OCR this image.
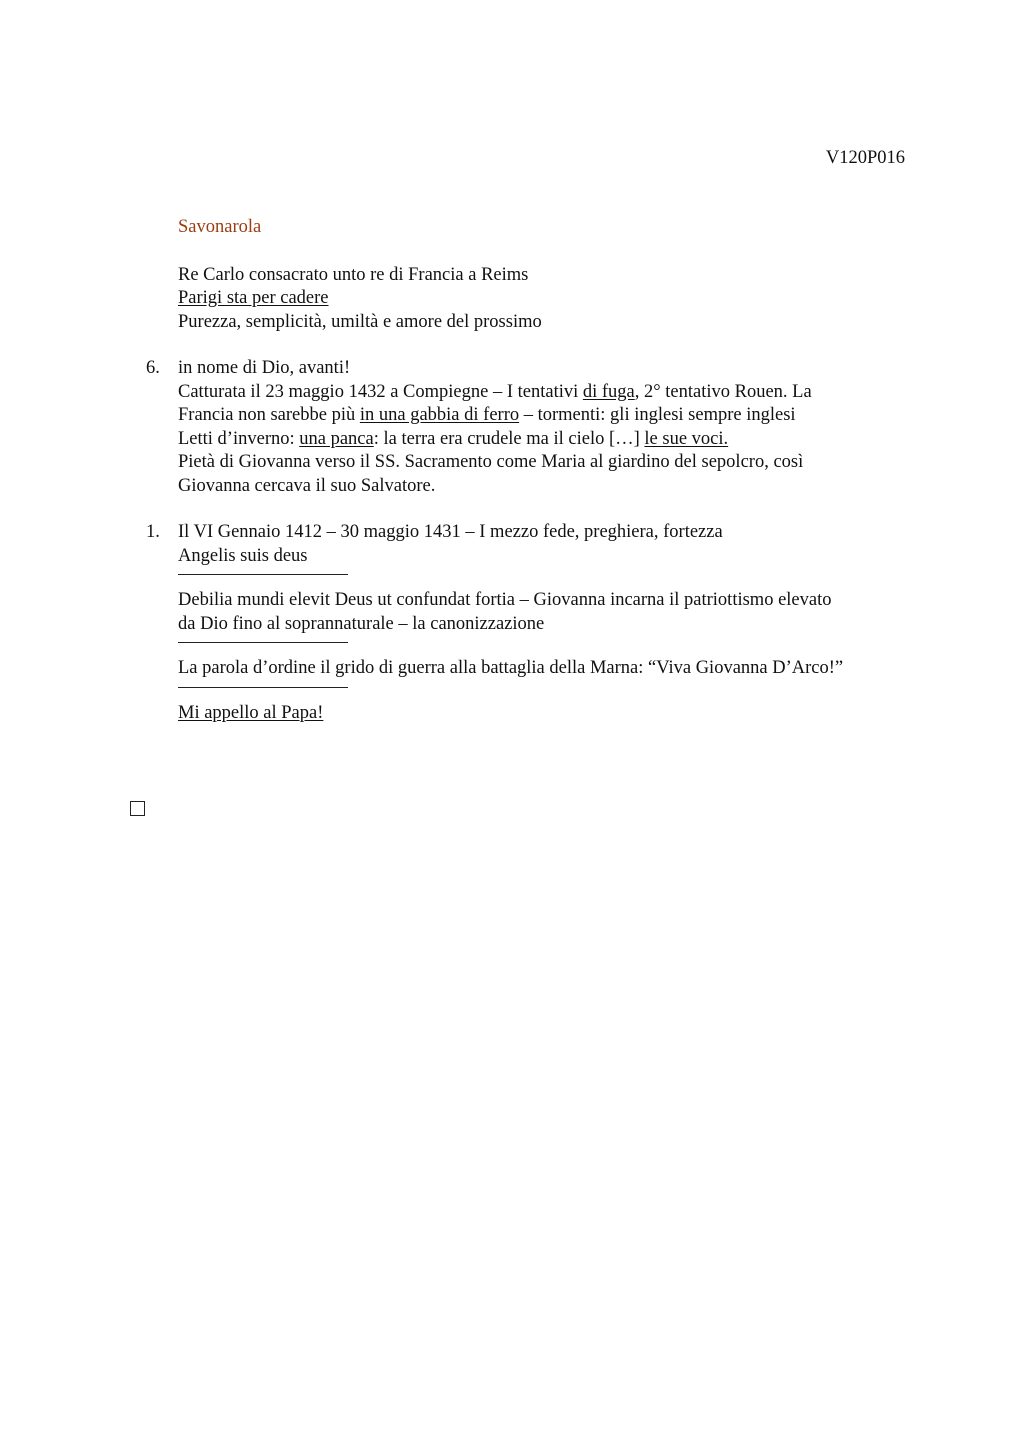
V120P016
Savonarola
Re Carlo consacrato unto re di Francia a Reims
Parigi sta per cadere
Purezza, semplicità, umiltà e amore del prossimo
6. in nome di Dio, avanti!
Catturata il 23 maggio 1432 a Compiegne – I tentativi di fuga, 2° tentativo Rouen. La
Francia non sarebbe più in una gabbia di ferro – tormenti: gli inglesi sempre inglesi
Letti d’inverno: una panca: la terra era crudele ma il cielo […] le sue voci.
Pietà di Giovanna verso il SS. Sacramento come Maria al giardino del sepolcro, così
Giovanna cercava il suo Salvatore.
1. Il VI Gennaio 1412 – 30 maggio 1431 – I mezzo fede, preghiera, fortezza
Angelis suis deus
Debilia mundi elevit Deus ut confundat fortia – Giovanna incarna il patriottismo elevato
da Dio fino al soprannaturale – la canonizzazione
La parola d’ordine il grido di guerra alla battaglia della Marna: “Viva Giovanna D’Arco!”
Mi appello al Papa!
